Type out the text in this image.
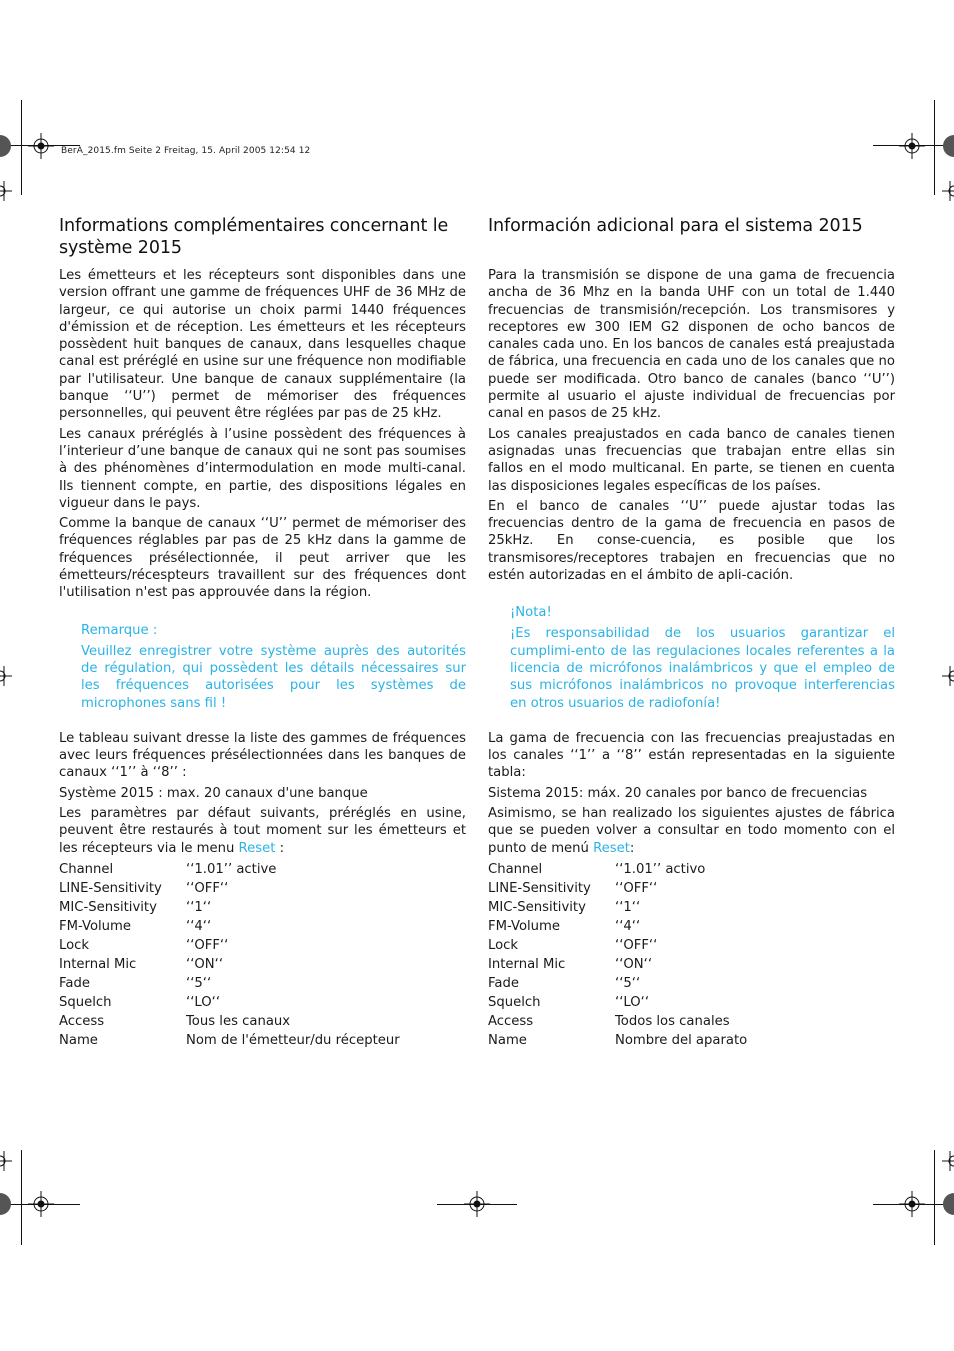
BerA_2015.fm Seite 2 Freitag, 15. April 2005 12:54 12
Informations complémentaires concernant le système 2015

Les émetteurs et les récepteurs sont disponibles dans une version offrant une gamme de fréquences UHF de 36 MHz de largeur, ce qui autorise un choix parmi 1440 fréquences d'émission et de réception. Les émetteurs et les récepteurs possèdent huit banques de canaux, dans lesquelles chaque canal est préréglé en usine sur une fréquence non modifiable par l'utilisateur. Une banque de canaux supplémentaire (la banque ‘‘U’’) permet de mémoriser des fréquences personnelles, qui peuvent être réglées par pas de 25 kHz.

Les canaux préréglés à l’usine possèdent des fréquences à l’interieur d’une banque de canaux qui ne sont pas soumises à des phénomènes d’intermodulation en mode multi-canal. Ils tiennent compte, en partie, des dispositions légales en vigueur dans le pays.

Comme la banque de canaux ‘‘U’’ permet de mémoriser des fréquences réglables par pas de 25 kHz dans la gamme de fréquences présélectionnée, il peut arriver que les émetteurs/récespteurs travaillent sur des fréquences dont l'utilisation n'est pas approuvée dans la région.

Remarque :

Veuillez enregistrer votre système auprès des autorités de régulation, qui possèdent les détails nécessaires sur les fréquences autorisées pour les systèmes de microphones sans fil !

Le tableau suivant dresse la liste des gammes de fréquences avec leurs fréquences présélectionnées dans les banques de canaux ‘‘1’’ à ‘‘8’’ :

Système 2015 : max. 20 canaux d'une banque

Les paramètres par défaut suivants, préréglés en usine, peuvent être restaurés à tout moment sur les émetteurs et les récepteurs via le menu Reset :

Channel	‘‘1.01’’ active
LINE-Sensitivity	‘‘OFF‘‘
MIC-Sensitivity	‘‘1‘‘
FM-Volume	‘‘4‘‘
Lock	‘‘OFF‘‘
Internal Mic	‘‘ON‘‘
Fade	‘‘5‘‘
Squelch	‘‘LO‘‘
Access	Tous les canaux
Name	Nom de l'émetteur/du récepteur
Información adicional para el sistema 2015

Para la transmisión se dispone de una gama de frecuencia ancha de 36 Mhz en la banda UHF con un total de 1.440 frecuencias de transmisión/recepción. Los transmisores y receptores ew 300 IEM G2 disponen de ocho bancos de canales cada uno. En los bancos de canales está preajustada de fábrica, una frecuencia en cada uno de los canales que no puede ser modificada. Otro banco de canales (banco ‘‘U’’) permite al usuario el ajuste individual de frecuencias por canal en pasos de 25 kHz.

Los canales preajustados en cada banco de canales tienen asignadas unas frecuencias que trabajan entre ellas sin fallos en el modo multicanal. En parte, se tienen en cuenta las disposiciones legales específicas de los países.

En el banco de canales ‘‘U’’ puede ajustar todas las frecuencias dentro de la gama de frecuencia en pasos de 25kHz. En conse-cuencia, es posible que los transmisores/receptores trabajen en frecuencias que no estén autorizadas en el ámbito de apli-cación.

¡Nota!

¡Es responsabilidad de los usuarios garantizar el cumplimi-ento de las regulaciones locales referentes a la licencia de micrófonos inalámbricos y que el empleo de sus micrófonos inalámbricos no provoque interferencias en otros usuarios de radiofonía!

La gama de frecuencia con las frecuencias preajustadas en los canales ‘‘1’’ a ‘‘8’’ están representadas en la siguiente tabla:

Sistema 2015: máx. 20 canales por banco de frecuencias

Asimismo, se han realizado los siguientes ajustes de fábrica que se pueden volver a consultar en todo momento con el punto de menú Reset:

Channel	‘‘1.01’’ activo
LINE-Sensitivity	‘‘OFF‘‘
MIC-Sensitivity	‘‘1‘‘
FM-Volume	‘‘4‘‘
Lock	‘‘OFF‘‘
Internal Mic	‘‘ON‘‘
Fade	‘‘5‘‘
Squelch	‘‘LO‘‘
Access	Todos los canales
Name	Nombre del aparato
